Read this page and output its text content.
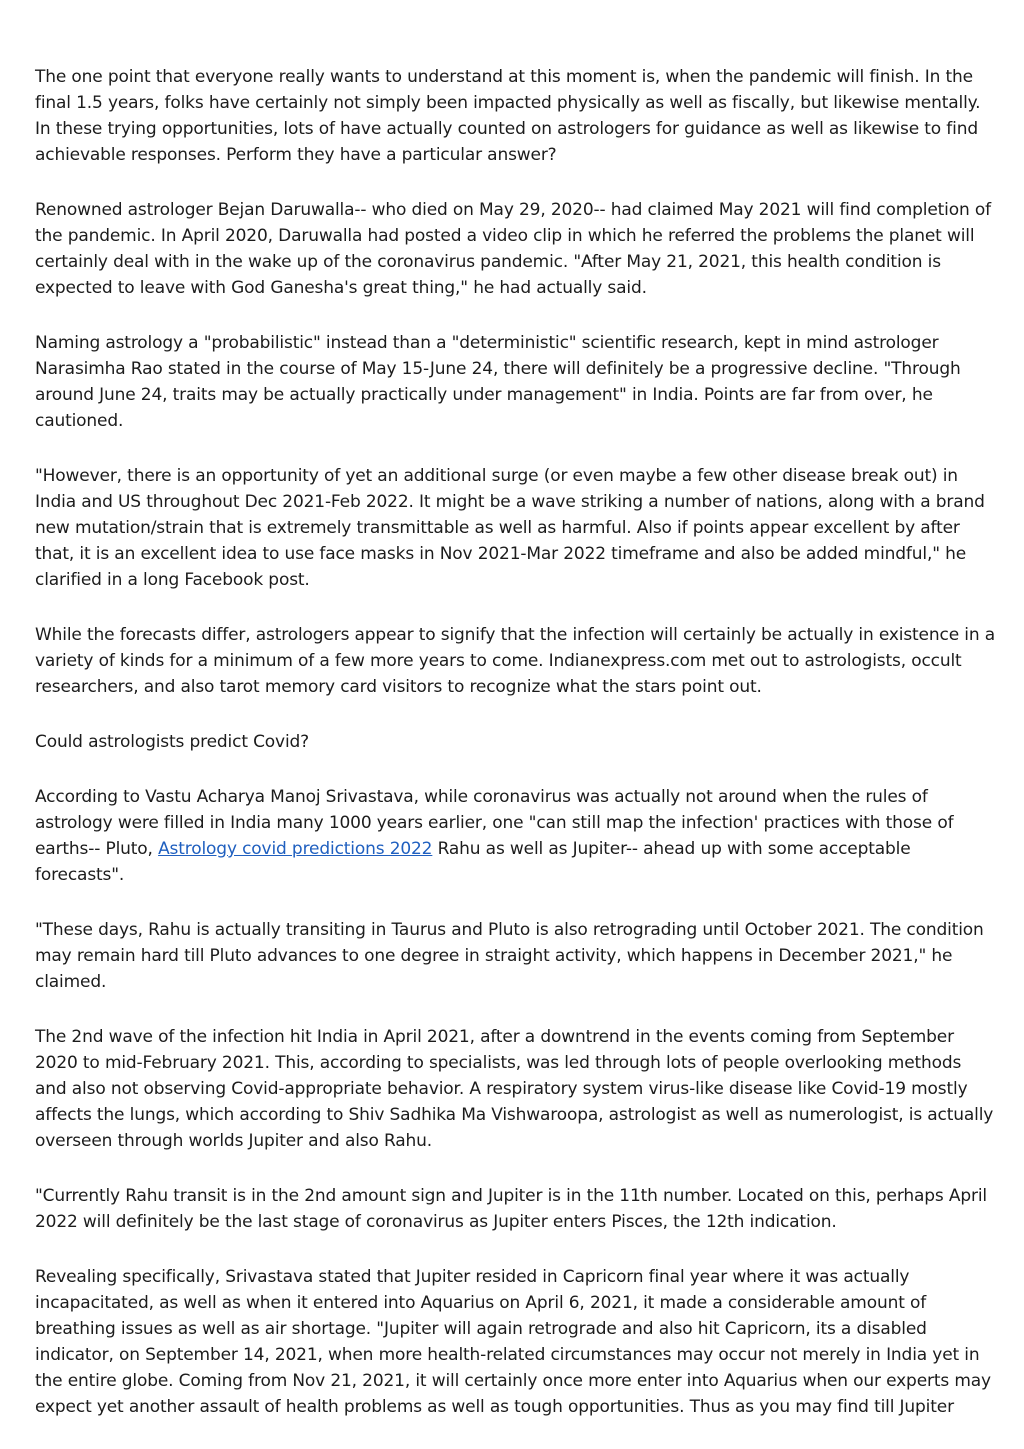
The one point that everyone really wants to understand at this moment is, when the pandemic will finish. In the final 1.5 years, folks have certainly not simply been impacted physically as well as fiscally, but likewise mentally. In these trying opportunities, lots of have actually counted on astrologers for guidance as well as likewise to find achievable responses. Perform they have a particular answer?

Renowned astrologer Bejan Daruwalla-- who died on May 29, 2020-- had claimed May 2021 will find completion of the pandemic. In April 2020, Daruwalla had posted a video clip in which he referred the problems the planet will certainly deal with in the wake up of the coronavirus pandemic. "After May 21, 2021, this health condition is expected to leave with God Ganesha's great thing," he had actually said.

Naming astrology a "probabilistic" instead than a "deterministic" scientific research, kept in mind astrologer Narasimha Rao stated in the course of May 15-June 24, there will definitely be a progressive decline. "Through around June 24, traits may be actually practically under management" in India. Points are far from over, he cautioned.

"However, there is an opportunity of yet an additional surge (or even maybe a few other disease break out) in India and US throughout Dec 2021-Feb 2022. It might be a wave striking a number of nations, along with a brand new mutation/strain that is extremely transmittable as well as harmful. Also if points appear excellent by after that, it is an excellent idea to use face masks in Nov 2021-Mar 2022 timeframe and also be added mindful," he clarified in a long Facebook post.

While the forecasts differ, astrologers appear to signify that the infection will certainly be actually in existence in a variety of kinds for a minimum of a few more years to come. Indianexpress.com met out to astrologists, occult researchers, and also tarot memory card visitors to recognize what the stars point out.

Could astrologists predict Covid?

According to Vastu Acharya Manoj Srivastava, while coronavirus was actually not around when the rules of astrology were filled in India many 1000 years earlier, one "can still map the infection' practices with those of earths-- Pluto, Astrology covid predictions 2022 Rahu as well as Jupiter-- ahead up with some acceptable forecasts".

"These days, Rahu is actually transiting in Taurus and Pluto is also retrograding until October 2021. The condition may remain hard till Pluto advances to one degree in straight activity, which happens in December 2021," he claimed.

The 2nd wave of the infection hit India in April 2021, after a downtrend in the events coming from September 2020 to mid-February 2021. This, according to specialists, was led through lots of people overlooking methods and also not observing Covid-appropriate behavior. A respiratory system virus-like disease like Covid-19 mostly affects the lungs, which according to Shiv Sadhika Ma Vishwaroopa, astrologist as well as numerologist, is actually overseen through worlds Jupiter and also Rahu.

"Currently Rahu transit is in the 2nd amount sign and Jupiter is in the 11th number. Located on this, perhaps April 2022 will definitely be the last stage of coronavirus as Jupiter enters Pisces, the 12th indication.

Revealing specifically, Srivastava stated that Jupiter resided in Capricorn final year where it was actually incapacitated, as well as when it entered into Aquarius on April 6, 2021, it made a considerable amount of breathing issues as well as air shortage. "Jupiter will again retrograde and also hit Capricorn, its a disabled indicator, on September 14, 2021, when more health-related circumstances may occur not merely in India yet in the entire globe. Coming from Nov 21, 2021, it will certainly once more enter into Aquarius when our experts may expect yet another assault of health problems as well as tough opportunities. Thus as you may find till Jupiter
